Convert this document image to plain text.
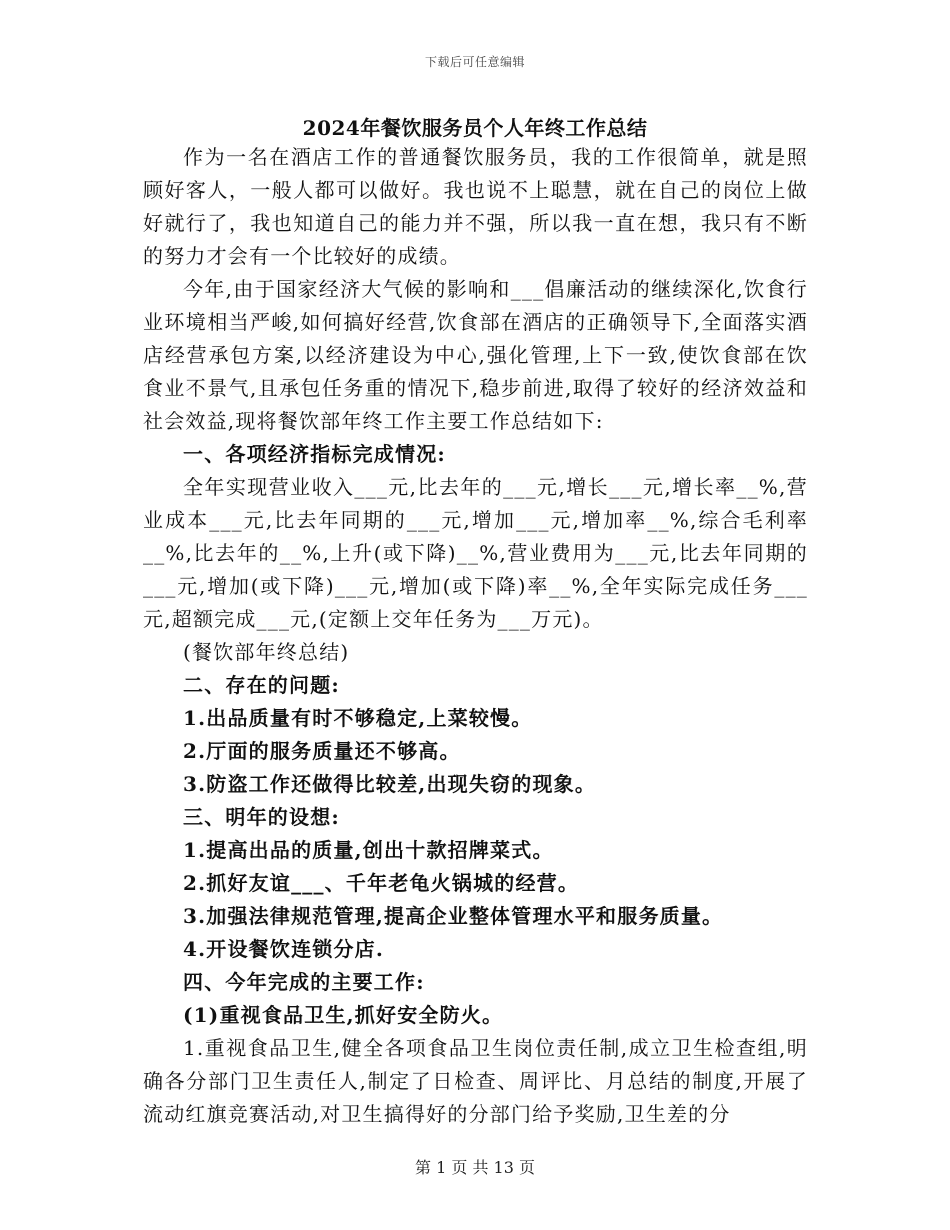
下载后可任意编辑
2024年餐饮服务员个人年终工作总结

作为一名在酒店工作的普通餐饮服务员，我的工作很简单，就是照顾好客人，一般人都可以做好。我也说不上聪慧，就在自己的岗位上做好就行了，我也知道自己的能力并不强，所以我一直在想，我只有不断的努力才会有一个比较好的成绩。

今年,由于国家经济大气候的影响和___倡廉活动的继续深化,饮食行业环境相当严峻,如何搞好经营,饮食部在酒店的正确领导下,全面落实酒店经营承包方案,以经济建设为中心,强化管理,上下一致,使饮食部在饮食业不景气,且承包任务重的情况下,稳步前进,取得了较好的经济效益和社会效益,现将餐饮部年终工作主要工作总结如下:

一、各项经济指标完成情况:

全年实现营业收入___元,比去年的___元,增长___元,增长率__%,营业成本___元,比去年同期的___元,增加___元,增加率__%,综合毛利率__%,比去年的__%,上升(或下降)__%,营业费用为___元,比去年同期的___元,增加(或下降)___元,增加(或下降)率__%,全年实际完成任务___元,超额完成___元,(定额上交年任务为___万元)。

(餐饮部年终总结)

二、存在的问题:

1.出品质量有时不够稳定,上菜较慢。

2.厅面的服务质量还不够高。

3.防盗工作还做得比较差,出现失窃的现象。

三、明年的设想:

1.提高出品的质量,创出十款招牌菜式。

2.抓好友谊___、千年老龟火锅城的经营。

3.加强法律规范管理,提高企业整体管理水平和服务质量。

4.开设餐饮连锁分店.

四、今年完成的主要工作:

(1)重视食品卫生,抓好安全防火。

1.重视食品卫生,健全各项食品卫生岗位责任制,成立卫生检查组,明确各分部门卫生责任人,制定了日检查、周评比、月总结的制度,开展了流动红旗竞赛活动,对卫生搞得好的分部门给予奖励,卫生差的分

第 1 页 共 13 页
